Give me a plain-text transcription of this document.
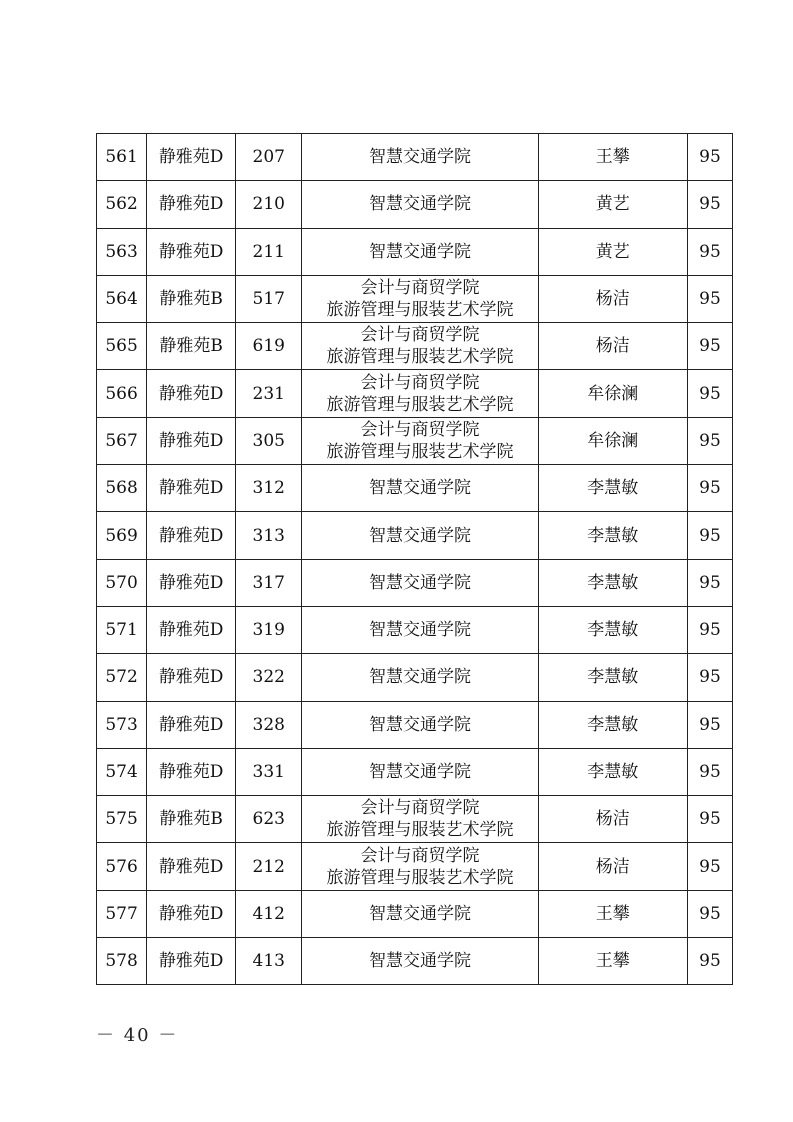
561	静雅苑D	207	智慧交通学院	王攀	95
562	静雅苑D	210	智慧交通学院	黄艺	95
563	静雅苑D	211	智慧交通学院	黄艺	95
564	静雅苑B	517	会计与商贸学院
旅游管理与服装艺术学院	杨洁	95
565	静雅苑B	619	会计与商贸学院
旅游管理与服装艺术学院	杨洁	95
566	静雅苑D	231	会计与商贸学院
旅游管理与服装艺术学院	牟徐澜	95
567	静雅苑D	305	会计与商贸学院
旅游管理与服装艺术学院	牟徐澜	95
568	静雅苑D	312	智慧交通学院	李慧敏	95
569	静雅苑D	313	智慧交通学院	李慧敏	95
570	静雅苑D	317	智慧交通学院	李慧敏	95
571	静雅苑D	319	智慧交通学院	李慧敏	95
572	静雅苑D	322	智慧交通学院	李慧敏	95
573	静雅苑D	328	智慧交通学院	李慧敏	95
574	静雅苑D	331	智慧交通学院	李慧敏	95
575	静雅苑B	623	会计与商贸学院
旅游管理与服装艺术学院	杨洁	95
576	静雅苑D	212	会计与商贸学院
旅游管理与服装艺术学院	杨洁	95
577	静雅苑D	412	智慧交通学院	王攀	95
578	静雅苑D	413	智慧交通学院	王攀	95
－ 40 －
